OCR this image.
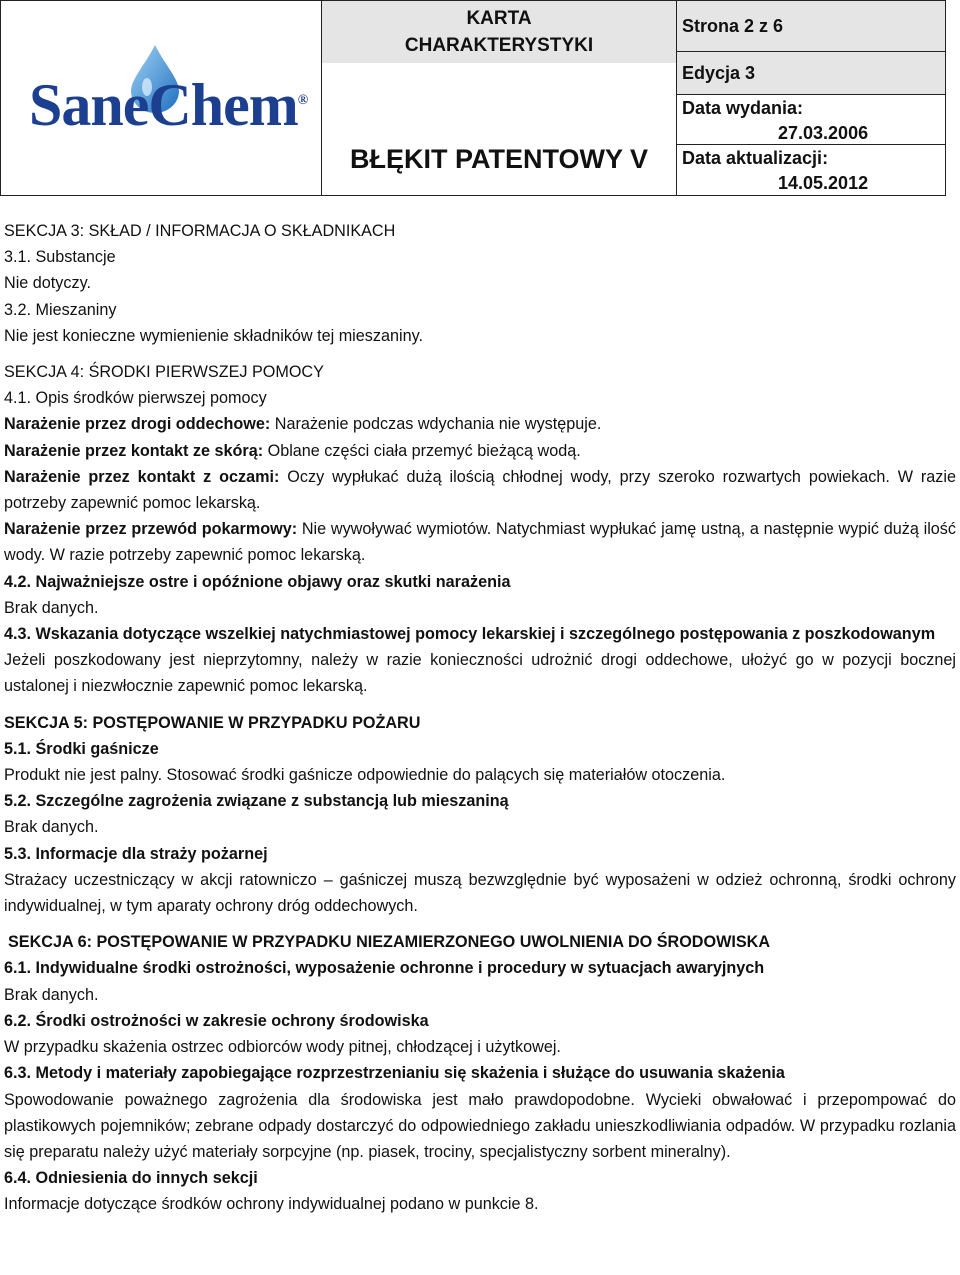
SaneChem®

KARTA
CHARAKTERYSTYKI
BŁĘKIT PATENTOWY V

Strona 2 z 6
Edycja 3
Data wydania:
27.03.2006
Data aktualizacji:
14.05.2012

SEKCJA 3: SKŁAD / INFORMACJA O SKŁADNIKACH

3.1. Substancje

Nie dotyczy.

3.2. Mieszaniny

Nie jest konieczne wymienienie składników tej mieszaniny.

SEKCJA 4: ŚRODKI PIERWSZEJ POMOCY

4.1. Opis środków pierwszej pomocy

Narażenie przez drogi oddechowe: Narażenie podczas wdychania nie występuje.

Narażenie przez kontakt ze skórą: Oblane części ciała przemyć bieżącą wodą.

Narażenie przez kontakt z oczami: Oczy wypłukać dużą ilością chłodnej wody, przy szeroko rozwartych powiekach. W razie potrzeby zapewnić pomoc lekarską.

Narażenie przez przewód pokarmowy: Nie wywoływać wymiotów. Natychmiast wypłukać jamę ustną, a następnie wypić dużą ilość wody. W razie potrzeby zapewnić pomoc lekarską.

4.2. Najważniejsze ostre i opóźnione objawy oraz skutki narażenia

Brak danych.

4.3. Wskazania dotyczące wszelkiej natychmiastowej pomocy lekarskiej i szczególnego postępowania z poszkodowanym

Jeżeli poszkodowany jest nieprzytomny, należy w razie konieczności udrożnić drogi oddechowe, ułożyć go w pozycji bocznej ustalonej i niezwłocznie zapewnić pomoc lekarską.

SEKCJA 5: POSTĘPOWANIE W PRZYPADKU POŻARU

5.1. Środki gaśnicze

Produkt nie jest palny. Stosować środki gaśnicze odpowiednie do palących się materiałów otoczenia.

5.2. Szczególne zagrożenia związane z substancją lub mieszaniną

Brak danych.

5.3. Informacje dla straży pożarnej

Strażacy uczestniczący w akcji ratowniczo – gaśniczej muszą bezwzględnie być wyposażeni w odzież ochronną, środki ochrony indywidualnej, w tym aparaty ochrony dróg oddechowych.

SEKCJA 6: POSTĘPOWANIE W PRZYPADKU NIEZAMIERZONEGO UWOLNIENIA DO ŚRODOWISKA

6.1. Indywidualne środki ostrożności, wyposażenie ochronne i procedury w sytuacjach awaryjnych

Brak danych.

6.2. Środki ostrożności w zakresie ochrony środowiska

W przypadku skażenia ostrzec odbiorców wody pitnej, chłodzącej i użytkowej.

6.3. Metody i materiały zapobiegające rozprzestrzenianiu się skażenia i służące do usuwania skażenia

Spowodowanie poważnego zagrożenia dla środowiska jest mało prawdopodobne. Wycieki obwałować i przepompować do plastikowych pojemników; zebrane odpady dostarczyć do odpowiedniego zakładu unieszkodliwiania odpadów. W przypadku rozlania się preparatu należy użyć materiały sorpcyjne (np. piasek, trociny, specjalistyczny sorbent mineralny).

6.4. Odniesienia do innych sekcji

Informacje dotyczące środków ochrony indywidualnej podano w punkcie 8.
